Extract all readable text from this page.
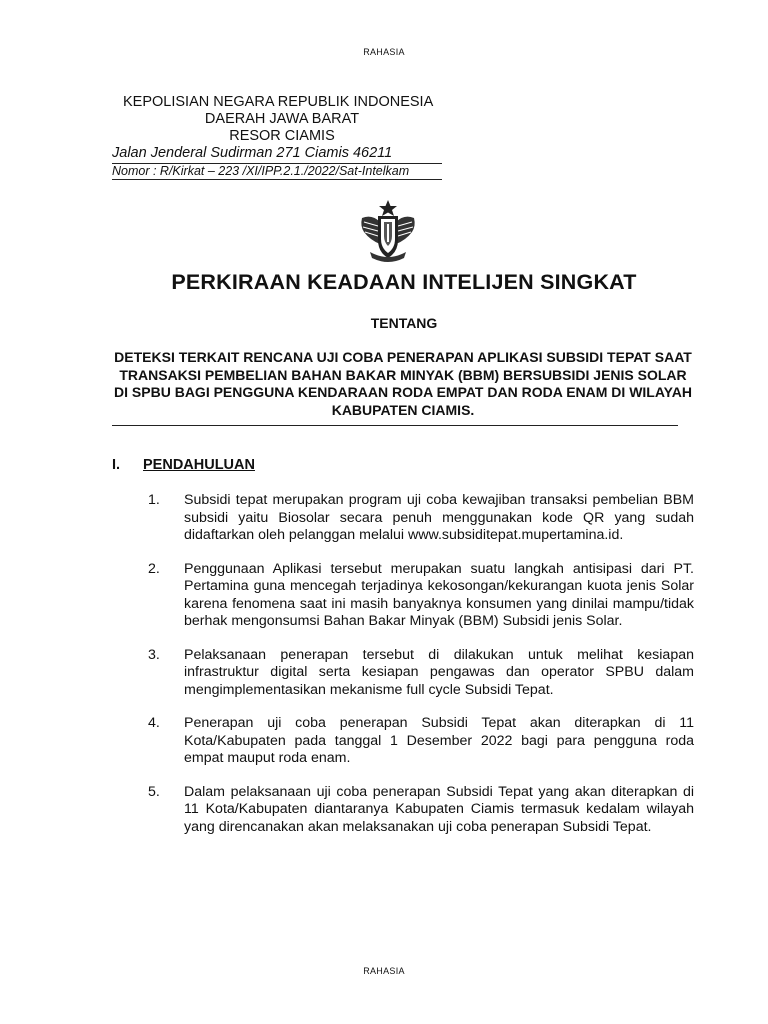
RAHASIA
KEPOLISIAN NEGARA REPUBLIK INDONESIA
DAERAH JAWA BARAT
RESOR CIAMIS
Jalan Jenderal Sudirman 271 Ciamis 46211
Nomor : R/Kirkat – 223 /XI/IPP.2.1./2022/Sat-Intelkam
PERKIRAAN KEADAAN INTELIJEN SINGKAT
TENTANG
DETEKSI TERKAIT RENCANA UJI COBA PENERAPAN APLIKASI SUBSIDI TEPAT SAAT TRANSAKSI PEMBELIAN BAHAN BAKAR MINYAK (BBM) BERSUBSIDI JENIS SOLAR DI SPBU BAGI PENGGUNA KENDARAAN RODA EMPAT DAN RODA ENAM DI WILAYAH KABUPATEN CIAMIS.
I. PENDAHULUAN
1.	Subsidi tepat merupakan program uji coba kewajiban transaksi pembelian BBM subsidi yaitu Biosolar secara penuh menggunakan kode QR yang sudah didaftarkan oleh pelanggan melalui www.subsiditepat.mupertamina.id.
2.	Penggunaan Aplikasi tersebut merupakan suatu langkah antisipasi dari PT. Pertamina guna mencegah terjadinya kekosongan/kekurangan kuota jenis Solar karena fenomena saat ini masih banyaknya konsumen yang dinilai mampu/tidak berhak mengonsumsi Bahan Bakar Minyak (BBM) Subsidi jenis Solar.
3.	Pelaksanaan penerapan tersebut di dilakukan untuk melihat kesiapan infrastruktur digital serta kesiapan pengawas dan operator SPBU dalam mengimplementasikan mekanisme full cycle Subsidi Tepat.
4.	Penerapan uji coba penerapan Subsidi Tepat akan diterapkan di 11 Kota/Kabupaten pada tanggal 1 Desember 2022 bagi para pengguna roda empat mauput roda enam.
5.	Dalam pelaksanaan uji coba penerapan Subsidi Tepat yang akan diterapkan di 11 Kota/Kabupaten diantaranya Kabupaten Ciamis termasuk kedalam wilayah yang direncanakan akan melaksanakan uji coba penerapan Subsidi Tepat.
RAHASIA
